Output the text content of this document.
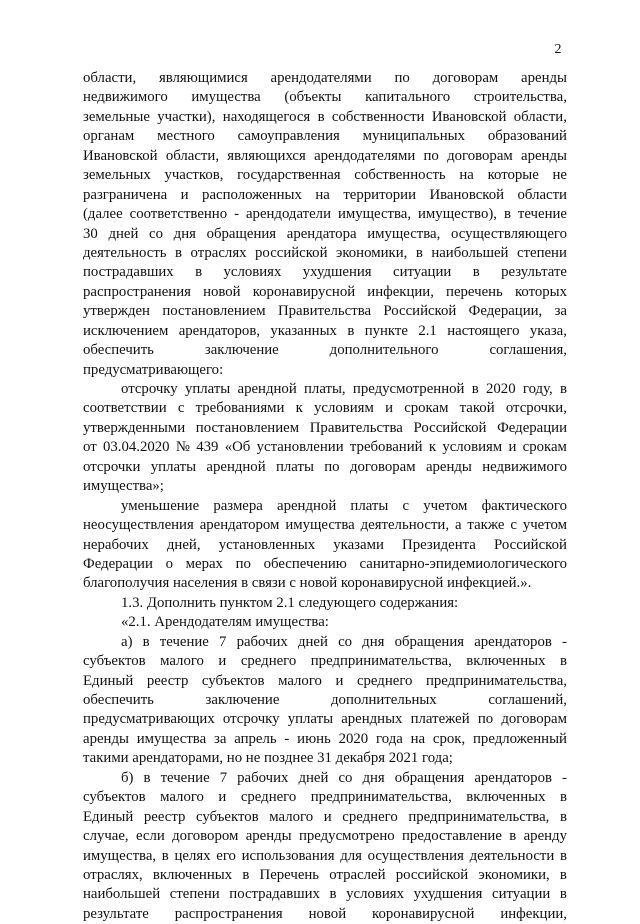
2
области, являющимися арендодателями по договорам аренды
недвижимого имущества (объекты капитального строительства,
земельные участки), находящегося в собственности Ивановской области,
органам местного самоуправления муниципальных образований
Ивановской области, являющихся арендодателями по договорам аренды
земельных участков, государственная собственность на которые не
разграничена и расположенных на территории Ивановской области
(далее соответственно - арендодатели имущества, имущество), в течение
30 дней со дня обращения арендатора имущества, осуществляющего
деятельность в отраслях российской экономики, в наибольшей степени
пострадавших в условиях ухудшения ситуации в результате
распространения новой коронавирусной инфекции, перечень которых
утвержден постановлением Правительства Российской Федерации, за
исключением арендаторов, указанных в пункте 2.1 настоящего указа,
обеспечить	заключение	дополнительного	соглашения,
предусматривающего:
отсрочку уплаты арендной платы, предусмотренной в 2020 году, в
соответствии с требованиями к условиям и срокам такой отсрочки,
утвержденными постановлением Правительства Российской Федерации
от 03.04.2020 № 439 «Об установлении требований к условиям и срокам
отсрочки уплаты арендной платы по договорам аренды недвижимого
имущества»;
уменьшение размера арендной платы с учетом фактического
неосуществления арендатором имущества деятельности, а также с учетом
нерабочих дней, установленных указами Президента Российской
Федерации о мерах по обеспечению санитарно-эпидемиологического
благополучия населения в связи с новой коронавирусной инфекцией.».
1.3. Дополнить пунктом 2.1 следующего содержания:
«2.1. Арендодателям имущества:
а) в течение 7 рабочих дней со дня обращения арендаторов -
субъектов малого и среднего предпринимательства, включенных в
Единый реестр субъектов малого и среднего предпринимательства,
обеспечить	заключение	дополнительных	соглашений,
предусматривающих отсрочку уплаты арендных платежей по договорам
аренды имущества за апрель - июнь 2020 года на срок, предложенный
такими арендаторами, но не позднее 31 декабря 2021 года;
б) в течение 7 рабочих дней со дня обращения арендаторов -
субъектов малого и среднего предпринимательства, включенных в
Единый реестр субъектов малого и среднего предпринимательства, в
случае, если договором аренды предусмотрено предоставление в аренду
имущества, в целях его использования для осуществления деятельности в
отраслях, включенных в Перечень отраслей российской экономики, в
наибольшей степени пострадавших в условиях ухудшения ситуации в
результате распространения новой коронавирусной инфекции,
